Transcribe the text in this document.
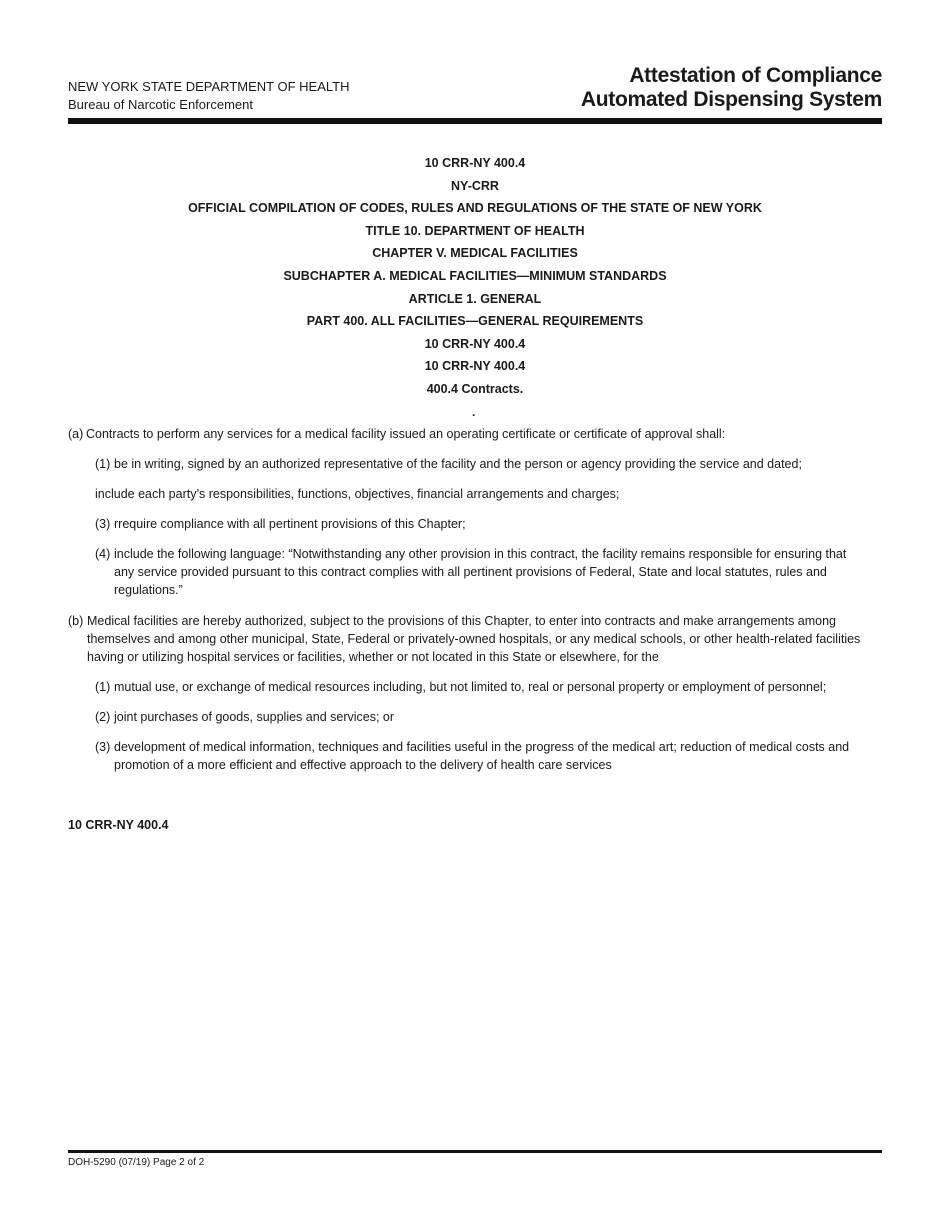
NEW YORK STATE DEPARTMENT OF HEALTH
Bureau of Narcotic Enforcement
Attestation of Compliance
Automated Dispensing System
10 CRR-NY 400.4
NY-CRR
OFFICIAL COMPILATION OF CODES, RULES AND REGULATIONS OF THE STATE OF NEW YORK
TITLE 10. DEPARTMENT OF HEALTH
CHAPTER V. MEDICAL FACILITIES
SUBCHAPTER A. MEDICAL FACILITIES—MINIMUM STANDARDS
ARTICLE 1. GENERAL
PART 400. ALL FACILITIES—GENERAL REQUIREMENTS
10 CRR-NY 400.4
10 CRR-NY 400.4
400.4 Contracts.
.
(a) Contracts to perform any services for a medical facility issued an operating certificate or certificate of approval shall:
(1) be in writing, signed by an authorized representative of the facility and the person or agency providing the service and dated;
include each party’s responsibilities, functions, objectives, financial arrangements and charges;
(3) rrequire compliance with all pertinent provisions of this Chapter;
(4) include the following language: “Notwithstanding any other provision in this contract, the facility remains responsible for ensuring that any service provided pursuant to this contract complies with all pertinent provisions of Federal, State and local statutes, rules and regulations.”
(b) Medical facilities are hereby authorized, subject to the provisions of this Chapter, to enter into contracts and make arrangements among themselves and among other municipal, State, Federal or privately-owned hospitals, or any medical schools, or other health-related facilities having or utilizing hospital services or facilities, whether or not located in this State or elsewhere, for the
(1) mutual use, or exchange of medical resources including, but not limited to, real or personal property or employment of personnel;
(2) joint purchases of goods, supplies and services; or
(3) development of medical information, techniques and facilities useful in the progress of the medical art; reduction of medical costs and promotion of a more efficient and effective approach to the delivery of health care services
10 CRR-NY 400.4
DOH-5290 (07/19) Page 2 of 2
